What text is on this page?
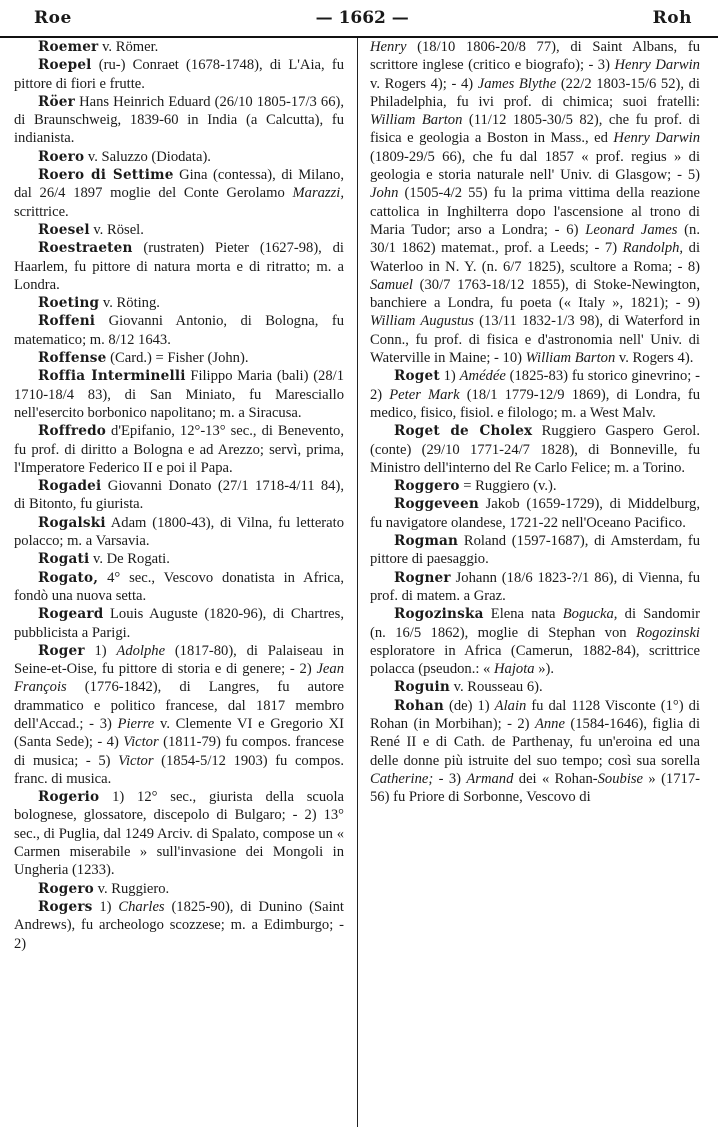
Roe	— 1662 —	Roh

Roemer v. Römer.

Roepel (ru-) Conraet (1678-1748), di L'Aia, fu pittore di fiori e frutte.

Röer Hans Heinrich Eduard (26/10 1805-17/3 66), di Braunschweig, 1839-60 in India (a Calcutta), fu indianista.

Roero v. Saluzzo (Diodata).

Roero di Settime Gina (contessa), di Milano, dal 26/4 1897 moglie del Conte Gerolamo Marazzi, scrittrice.

Roesel v. Rösel.

Roestraeten (rustraten) Pieter (1627-98), di Haarlem, fu pittore di natura morta e di ritratto; m. a Londra.

Roeting v. Röting.

Roffeni Giovanni Antonio, di Bologna, fu matematico; m. 8/12 1643.

Roffense (Card.) = Fisher (John).

Roffia Interminelli Filippo Maria (bali) (28/1 1710-18/4 83), di San Miniato, fu Maresciallo nell'esercito borbonico napolitano; m. a Siracusa.

Roffredo d'Epifanio, 12°-13° sec., di Benevento, fu prof. di diritto a Bologna e ad Arezzo; servì, prima, l'Imperatore Federico II e poi il Papa.

Rogadei Giovanni Donato (27/1 1718-4/11 84), di Bitonto, fu giurista.

Rogalski Adam (1800-43), di Vilna, fu letterato polacco; m. a Varsavia.

Rogati v. De Rogati.

Rogato, 4° sec., Vescovo donatista in Africa, fondò una nuova setta.

Rogeard Louis Auguste (1820-96), di Chartres, pubblicista a Parigi.

Roger 1) Adolphe (1817-80), di Palaiseau in Seine-et-Oise, fu pittore di storia e di genere; - 2) Jean François (1776-1842), di Langres, fu autore drammatico e politico francese, dal 1817 membro dell'Accad.; - 3) Pierre v. Clemente VI e Gregorio XI (Santa Sede); - 4) Victor (1811-79) fu compos. francese di musica; - 5) Victor (1854-5/12 1903) fu compos. franc. di musica.

Rogerio 1) 12° sec., giurista della scuola bolognese, glossatore, discepolo di Bulgaro; - 2) 13° sec., di Puglia, dal 1249 Arciv. di Spalato, compose un « Carmen miserabile » sull'invasione dei Mongoli in Ungheria (1233).

Rogero v. Ruggiero.

Rogers 1) Charles (1825-90), di Dunino (Saint Andrews), fu archeologo scozzese; m. a Edimburgo; - 2)

Henry (18/10 1806-20/8 77), di Saint Albans, fu scrittore inglese (critico e biografo); - 3) Henry Darwin v. Rogers 4); - 4) James Blythe (22/2 1803-15/6 52), di Philadelphia, fu ivi prof. di chimica; suoi fratelli: William Barton (11/12 1805-30/5 82), che fu prof. di fisica e geologia a Boston in Mass., ed Henry Darwin (1809-29/5 66), che fu dal 1857 « prof. regius » di geologia e storia naturale nell' Univ. di Glasgow; - 5) John (1505-4/2 55) fu la prima vittima della reazione cattolica in Inghilterra dopo l'ascensione al trono di Maria Tudor; arso a Londra; - 6) Leonard James (n. 30/1 1862) matemat., prof. a Leeds; - 7) Randolph, di Waterloo in N. Y. (n. 6/7 1825), scultore a Roma; - 8) Samuel (30/7 1763-18/12 1855), di Stoke-Newington, banchiere a Londra, fu poeta (« Italy », 1821); - 9) William Augustus (13/11 1832-1/3 98), di Waterford in Conn., fu prof. di fisica e d'astronomia nell' Univ. di Waterville in Maine; - 10) William Barton v. Rogers 4).

Roget 1) Amédée (1825-83) fu storico ginevrino; - 2) Peter Mark (18/1 1779-12/9 1869), di Londra, fu medico, fisico, fisiol. e filologo; m. a West Malv.

Roget de Cholex Ruggiero Gaspero Gerol. (conte) (29/10 1771-24/7 1828), di Bonneville, fu Ministro dell'interno del Re Carlo Felice; m. a Torino.

Roggero = Ruggiero (v.).

Roggeveen Jakob (1659-1729), di Middelburg, fu navigatore olandese, 1721-22 nell'Oceano Pacifico.

Rogman Roland (1597-1687), di Amsterdam, fu pittore di paesaggio.

Rogner Johann (18/6 1823-?/1 86), di Vienna, fu prof. di matem. a Graz.

Rogozinska Elena nata Bogucka, di Sandomir (n. 16/5 1862), moglie di Stephan von Rogozinski esploratore in Africa (Camerun, 1882-84), scrittrice polacca (pseudon.: « Hajota »).

Roguin v. Rousseau 6).

Rohan (de) 1) Alain fu dal 1128 Visconte (1°) di Rohan (in Morbihan); - 2) Anne (1584-1646), figlia di René II e di Cath. de Parthenay, fu un'eroina ed una delle donne più istruite del suo tempo; così sua sorella Catherine; - 3) Armand dei « Rohan-Soubise » (1717-56) fu Priore di Sorbonne, Vescovo di
